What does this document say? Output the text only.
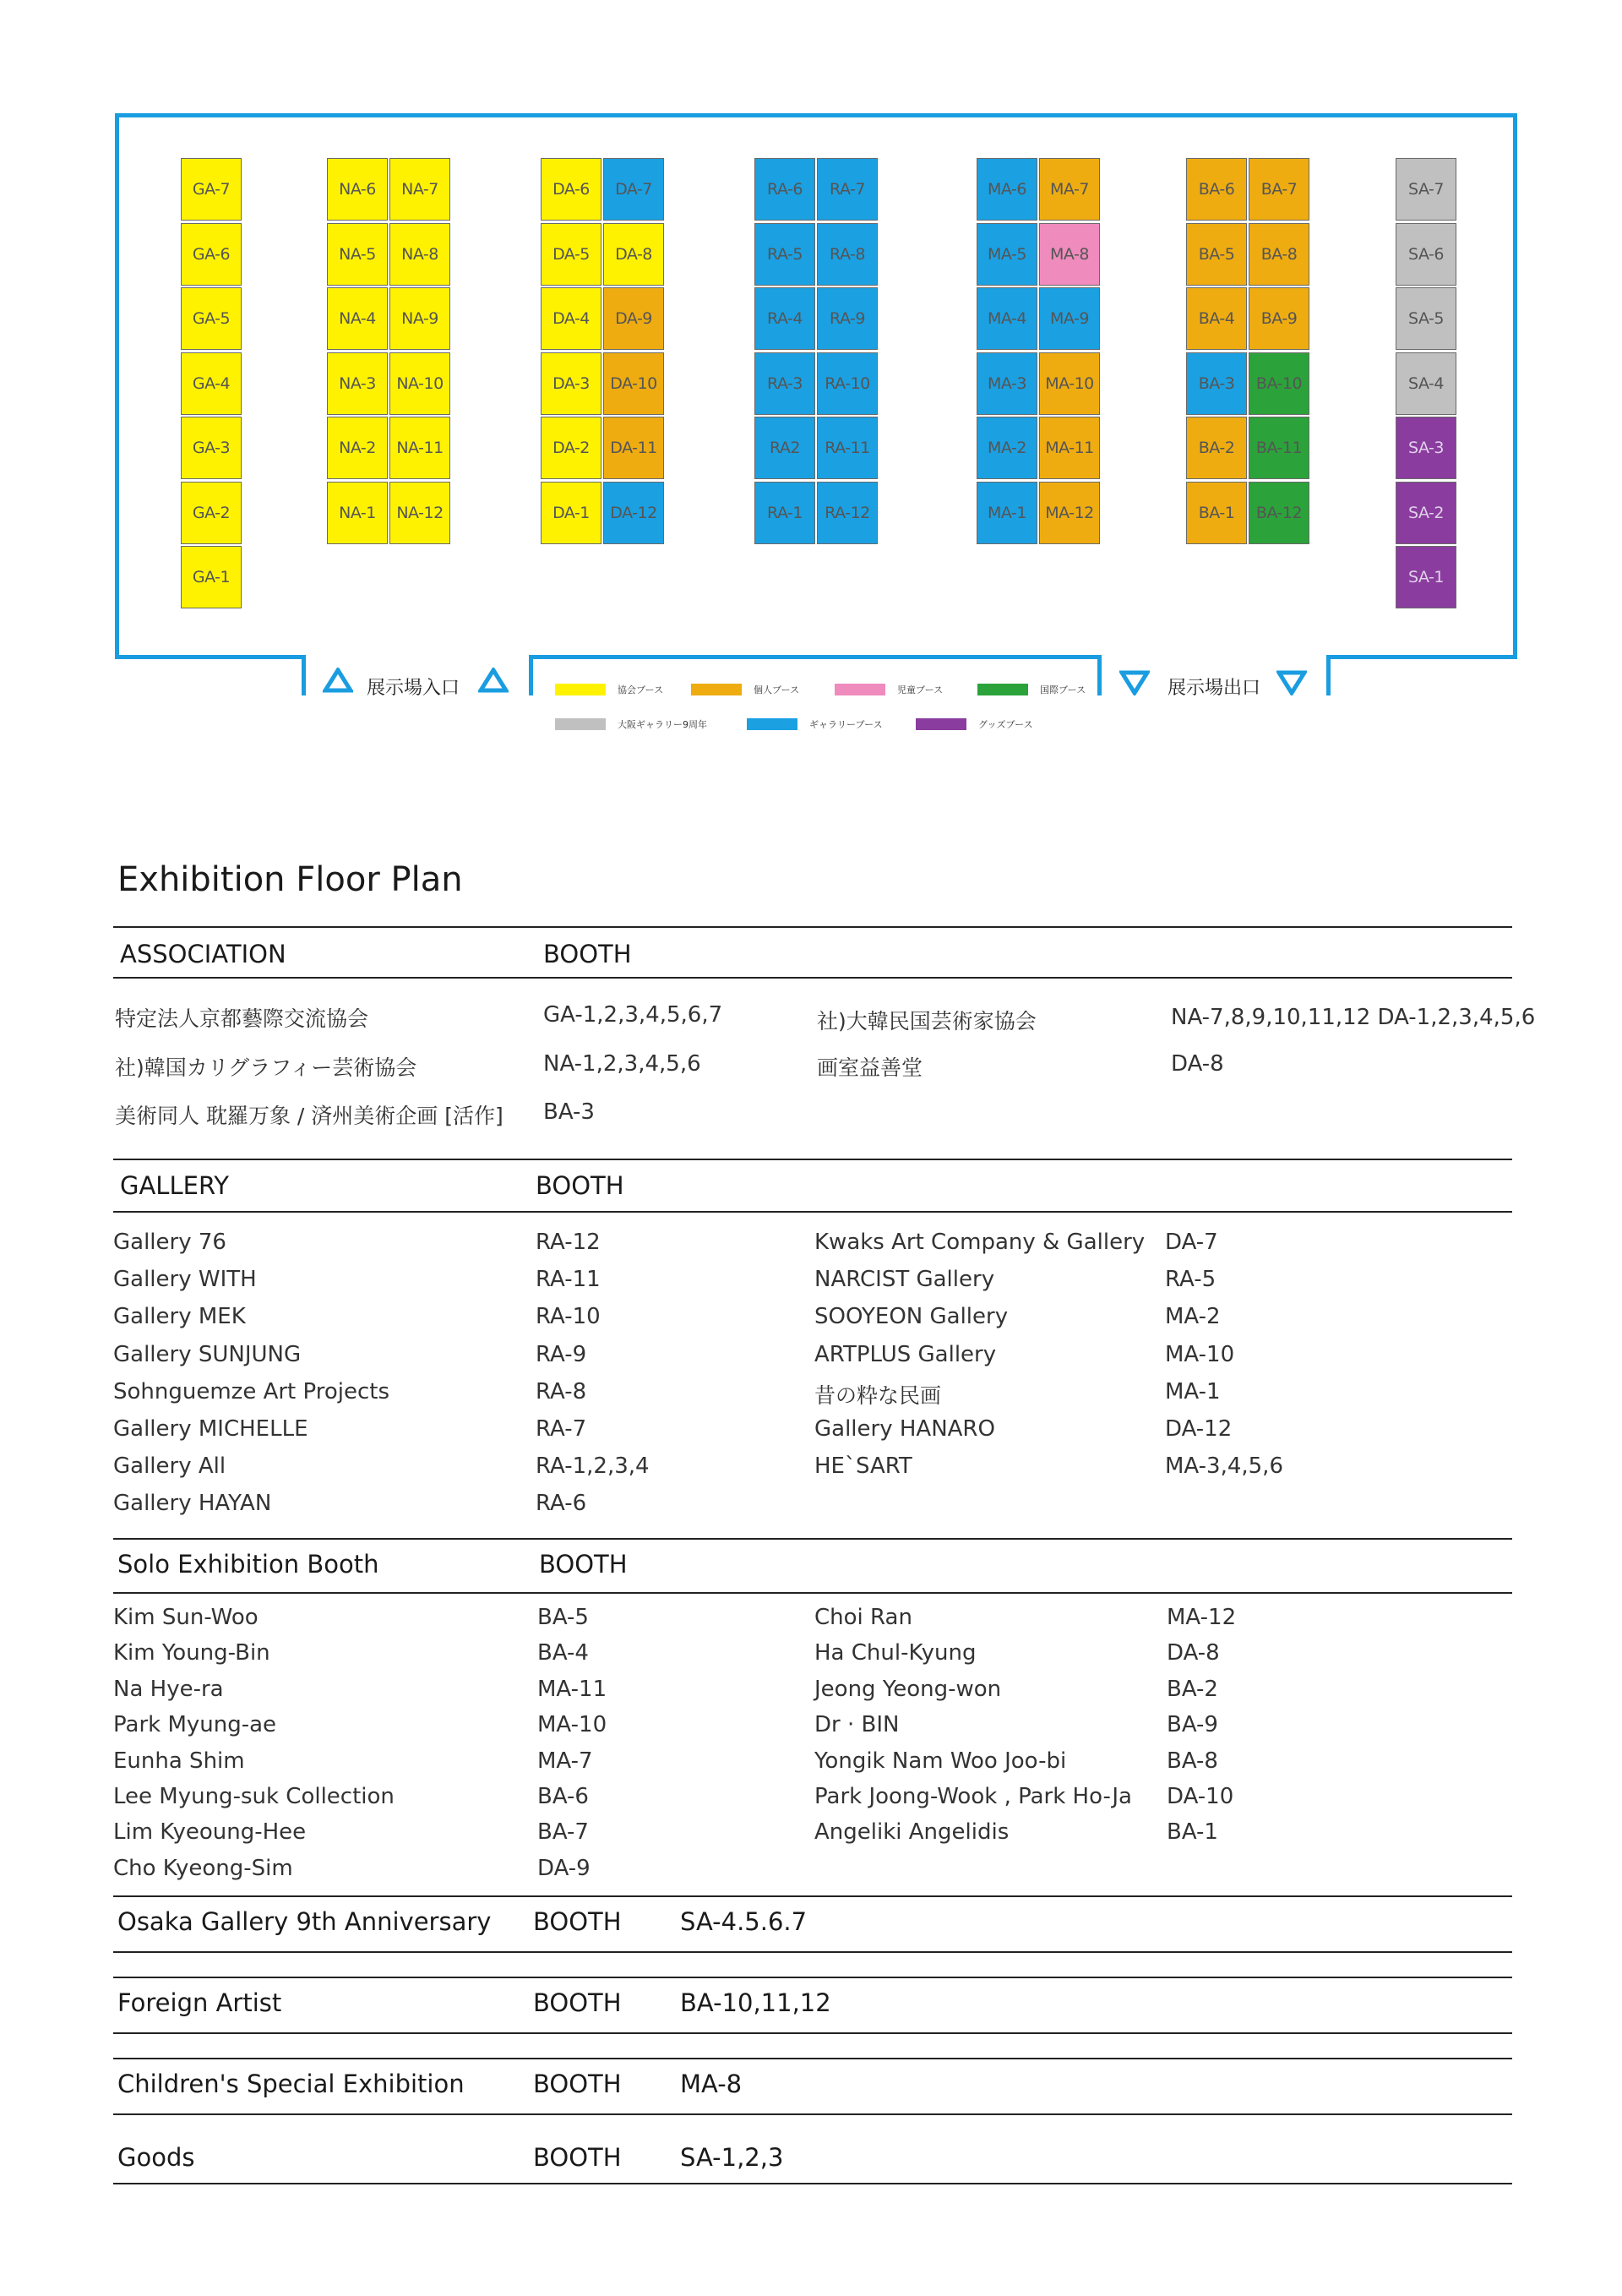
GA-7
GA-6
GA-5
GA-4
GA-3
GA-2
GA-1
NA-6	NA-7
NA-5	NA-8
NA-4	NA-9
NA-3	NA-10
NA-2	NA-11
NA-1	NA-12
DA-6	DA-7
DA-5	DA-8
DA-4	DA-9
DA-3	DA-10
DA-2	DA-11
DA-1	DA-12
RA-6	RA-7
RA-5	RA-8
RA-4	RA-9
RA-3	RA-10
RA2	RA-11
RA-1	RA-12
MA-6	MA-7
MA-5	MA-8
MA-4	MA-9
MA-3	MA-10
MA-2	MA-11
MA-1	MA-12
BA-6	BA-7
BA-5	BA-8
BA-4	BA-9
BA-3	BA-10
BA-2	BA-11
BA-1	BA-12
SA-7
SA-6
SA-5
SA-4
SA-3
SA-2
SA-1
展示場入口	展示場出口
協会ブース	個人ブース	児童ブース	国際ブース
大阪ギャラリー9周年	ギャラリーブース	グッズブース
Exhibition Floor Plan
ASSOCIATION	BOOTH
特定法人京都藝際交流協会	GA-1,2,3,4,5,6,7	社)大韓民国芸術家協会	NA-7,8,9,10,11,12 DA-1,2,3,4,5,6
社)韓国カリグラフィー芸術協会	NA-1,2,3,4,5,6	画室益善堂	DA-8
美術同人 耽羅万象 / 済州美術企画 [活作] BA-3
GALLERY	BOOTH
Gallery 76	RA-12
Gallery WITH	RA-11
Gallery MEK	RA-10
Gallery SUNJUNG	RA-9
Sohnguemze Art Projects	RA-8
Gallery MICHELLE	RA-7
Gallery All	RA-1,2,3,4
Gallery HAYAN	RA-6
Kwaks Art Company & Gallery DA-7
NARCIST Gallery	RA-5
SOOYEON Gallery	MA-2
ARTPLUS Gallery	MA-10
昔の粋な民画	MA-1
Gallery HANARO	DA-12
HE`SART	MA-3,4,5,6
Solo Exhibition Booth	BOOTH
Kim Sun-Woo	BA-5
Kim Young-Bin	BA-4
Na Hye-ra	MA-11
Park Myung-ae	MA-10
Eunha Shim	MA-7
Lee Myung-suk Collection	BA-6
Lim Kyeoung-Hee	BA-7
Cho Kyeong-Sim	DA-9
Choi Ran	MA-12
Ha Chul-Kyung	DA-8
Jeong Yeong-won	BA-2
Dr · BIN	BA-9
Yongik Nam Woo Joo-bi	BA-8
Park Joong-Wook , Park Ho-Ja DA-10
Angeliki Angelidis	BA-1
Osaka Gallery 9th Anniversary BOOTH SA-4.5.6.7
Foreign Artist	BOOTH BA-10,11,12
Children's Special Exhibition	BOOTH MA-8
Goods	BOOTH SA-1,2,3
